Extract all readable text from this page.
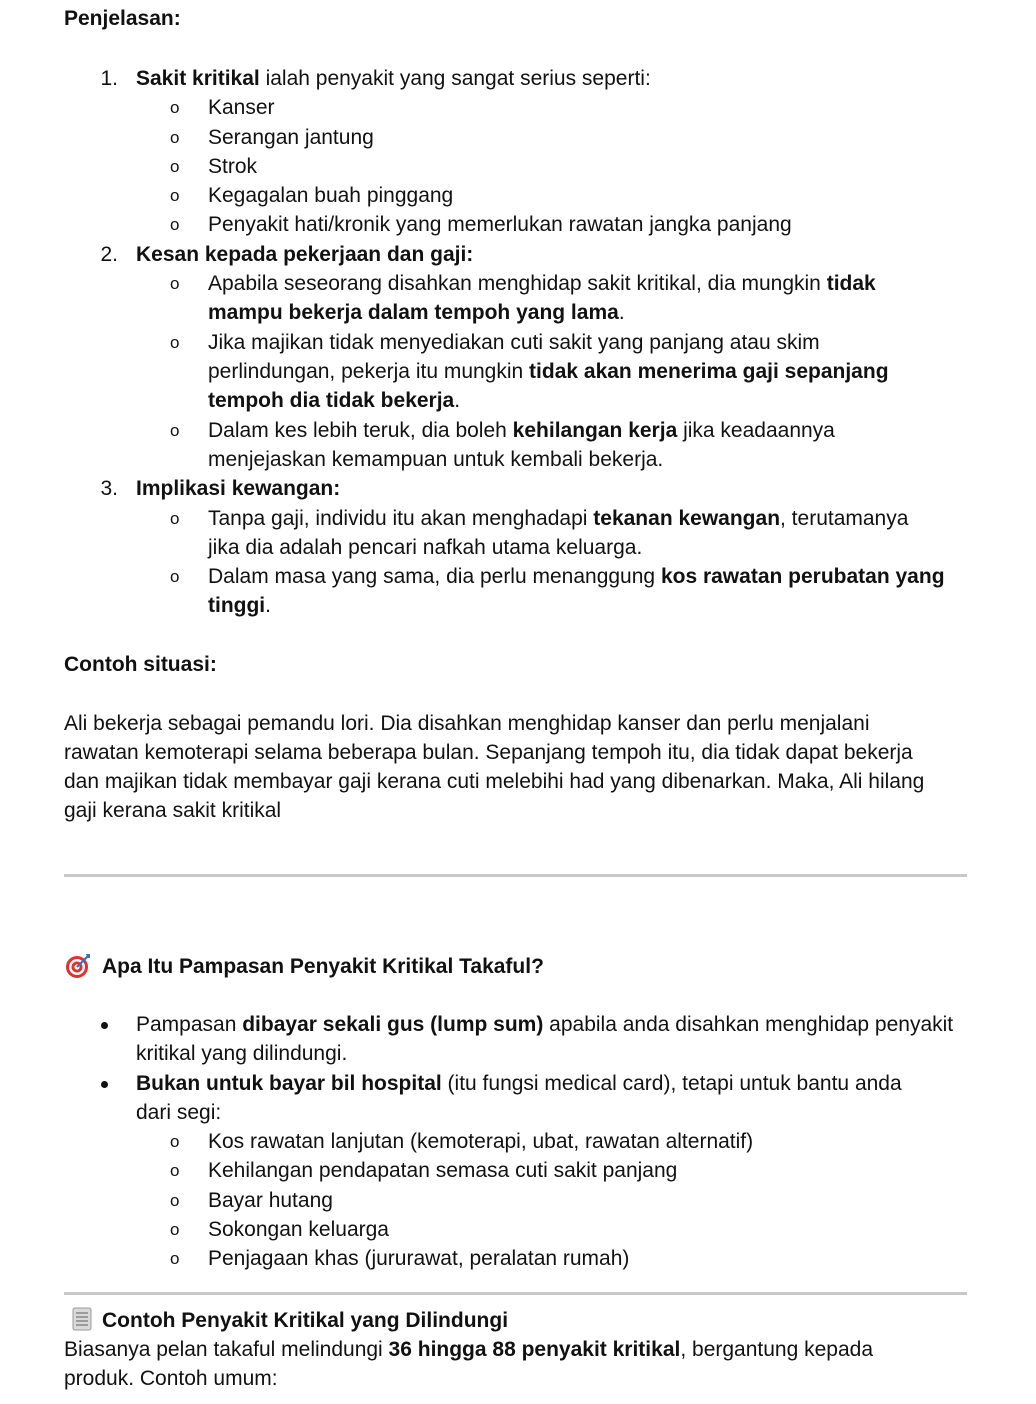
Penjelasan:
1. Sakit kritikal ialah penyakit yang sangat serius seperti:
o Kanser
o Serangan jantung
o Strok
o Kegagalan buah pinggang
o Penyakit hati/kronik yang memerlukan rawatan jangka panjang
2. Kesan kepada pekerjaan dan gaji:
o Apabila seseorang disahkan menghidap sakit kritikal, dia mungkin tidak
mampu bekerja dalam tempoh yang lama.
o Jika majikan tidak menyediakan cuti sakit yang panjang atau skim
perlindungan, pekerja itu mungkin tidak akan menerima gaji sepanjang
tempoh dia tidak bekerja.
o Dalam kes lebih teruk, dia boleh kehilangan kerja jika keadaannya
menjejaskan kemampuan untuk kembali bekerja.
3. Implikasi kewangan:
o Tanpa gaji, individu itu akan menghadapi tekanan kewangan, terutamanya
jika dia adalah pencari nafkah utama keluarga.
o Dalam masa yang sama, dia perlu menanggung kos rawatan perubatan yang
tinggi.
Contoh situasi:
Ali bekerja sebagai pemandu lori. Dia disahkan menghidap kanser dan perlu menjalani
rawatan kemoterapi selama beberapa bulan. Sepanjang tempoh itu, dia tidak dapat bekerja
dan majikan tidak membayar gaji kerana cuti melebihi had yang dibenarkan. Maka, Ali hilang
gaji kerana sakit kritikal
Apa Itu Pampasan Penyakit Kritikal Takaful?
Pampasan dibayar sekali gus (lump sum) apabila anda disahkan menghidap penyakit
kritikal yang dilindungi.
Bukan untuk bayar bil hospital (itu fungsi medical card), tetapi untuk bantu anda
dari segi:
o Kos rawatan lanjutan (kemoterapi, ubat, rawatan alternatif)
o Kehilangan pendapatan semasa cuti sakit panjang
o Bayar hutang
o Sokongan keluarga
o Penjagaan khas (jururawat, peralatan rumah)
Contoh Penyakit Kritikal yang Dilindungi
Biasanya pelan takaful melindungi 36 hingga 88 penyakit kritikal, bergantung kepada
produk. Contoh umum:
